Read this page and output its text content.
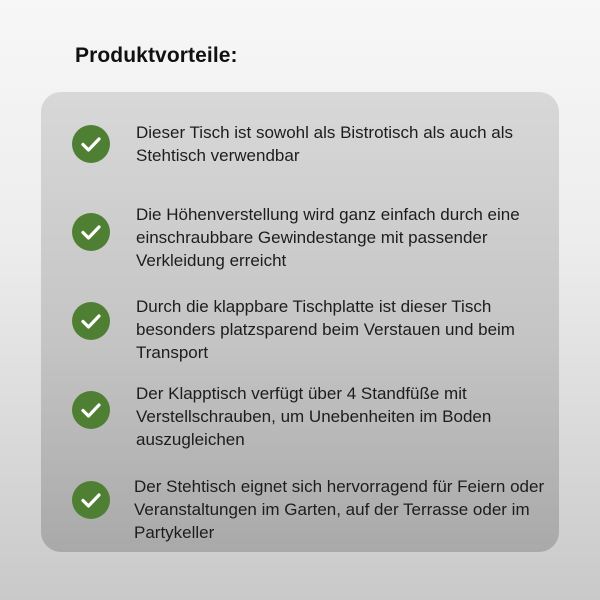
Produktvorteile:
Dieser Tisch ist sowohl als Bistrotisch als auch als Stehtisch verwendbar
Die Höhenverstellung wird ganz einfach durch eine einschraubbare Gewindestange mit passender Verkleidung erreicht
Durch die klappbare Tischplatte ist dieser Tisch besonders platzsparend beim Verstauen und beim Transport
Der Klapptisch verfügt über 4 Standfüße mit Verstellschrauben, um Unebenheiten im Boden auszugleichen
Der Stehtisch eignet sich hervorragend für Feiern oder Veranstaltungen im Garten, auf der Terrasse oder im Partykeller
